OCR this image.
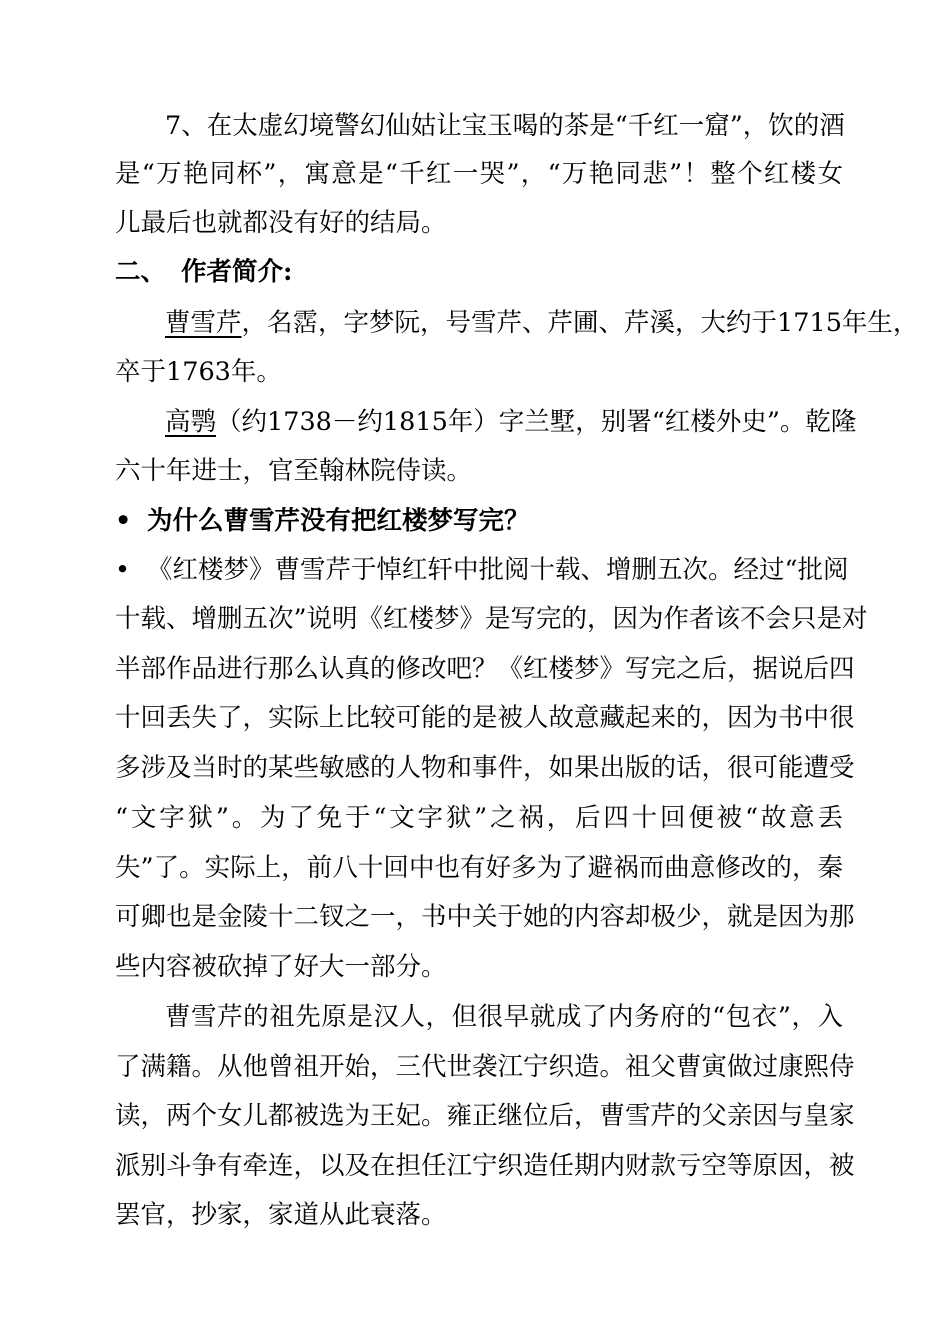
7、在太虚幻境警幻仙姑让宝玉喝的茶是“千红一窟”，饮的酒
是“万艳同杯”，寓意是“千红一哭”，“万艳同悲”！整个红楼女
儿最后也就都没有好的结局。
二、 作者简介:
曹雪芹，名霑，字梦阮，号雪芹、芹圃、芹溪，大约于1715年生，
卒于1763年。
高鹗（约1738－约1815年）字兰墅，别署“红楼外史”。乾隆
六十年进士，官至翰林院侍读。
• 为什么曹雪芹没有把红楼梦写完？
• 《红楼梦》曹雪芹于悼红轩中批阅十载、增删五次。经过“批阅
十载、增删五次”说明《红楼梦》是写完的，因为作者该不会只是对
半部作品进行那么认真的修改吧？《红楼梦》写完之后，据说后四
十回丢失了，实际上比较可能的是被人故意藏起来的，因为书中很
多涉及当时的某些敏感的人物和事件，如果出版的话，很可能遭受
“文字狱”。为了免于“文字狱”之祸，后四十回便被“故意丢
失”了。实际上，前八十回中也有好多为了避祸而曲意修改的，秦
可卿也是金陵十二钗之一，书中关于她的内容却极少，就是因为那
些内容被砍掉了好大一部分。
曹雪芹的祖先原是汉人，但很早就成了内务府的“包衣”，入
了满籍。从他曾祖开始，三代世袭江宁织造。祖父曹寅做过康熙侍
读，两个女儿都被选为王妃。雍正继位后，曹雪芹的父亲因与皇家
派别斗争有牵连，以及在担任江宁织造任期内财款亏空等原因，被
罢官，抄家，家道从此衰落。
